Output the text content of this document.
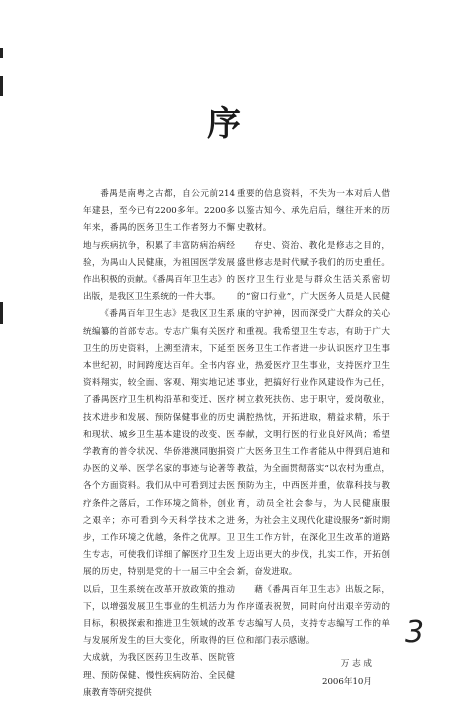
序

番禺是南粤之古都，自公元前214年建县，至今已有2200多年。2200多年来，番禺的医务卫生工作者努力不懈地与疾病抗争，积累了丰富防病治病经验，为禺山人民健康，为祖国医学发展作出积极的贡献。《番禺百年卫生志》的出版，是我区卫生系统的一件大事。

《番禺百年卫生志》是我区卫生系统编纂的首部专志。专志广集有关医疗卫生的历史资料，上溯至清末，下延至本世纪初，时间跨度达百年。全书内容资料翔实，较全面、客观、翔实地记述了番禺医疗卫生机构沿革和变迁、医疗技术进步和发展、预防保健事业的历史和现状、城乡卫生基本建设的改变、医学教育的普令状况、华侨港澳同胞捐资办医的义举、医学名家的事迹与论著等各个方面资料。我们从中可看到过去医疗条件之落后，工作环境之简朴，创业之艰辛；亦可看到今天科学技术之进步，工作环境之优越，条件之优厚。卫生专志，可使我们详细了解医疗卫生发展的历史，特别是党的十一届三中全会以后，卫生系统在改革开放政策的推动下，以增强发展卫生事业的生机活力为目标，积极探索和推进卫生领域的改革与发展所发生的巨大变化，所取得的巨大成就，为我区医药卫生改革、医院管理、预防保健、慢性疾病防治、全民健康教育等研究提供

重要的信息资料，不失为一本对后人借以鉴古知今、承先启后，继往开来的历史教材。

存史、资治、教化是修志之目的，盛世修志是时代赋予我们的历史重任。医疗卫生行业是与群众生活关系密切的“窗口行业”，广大医务人员是人民健康的守护神，因而深受广大群众的关心和重视。我希望卫生专志，有助于广大医务卫生工作者进一步认识医疗卫生事业，热爱医疗卫生事业，支持医疗卫生事业，把搞好行业作风建设作为己任，树立救死扶伤、忠于职守，爱岗敬业，满腔热忱，开拓进取，精益求精，乐于奉献，文明行医的行业良好风尚；希望广大医务卫生工作者能从中得到启迪和教益，为全面贯彻落实“以农村为重点，预防为主，中西医并重，依靠科技与教育，动员全社会参与，为人民健康服务，为社会主义现代化建设服务”新时期卫生工作方针，在深化卫生改革的道路上迈出更大的步伐，扎实工作，开拓创新，奋发进取。

藉《番禺百年卫生志》出版之际，作序谨表祝贺，同时向付出艰辛劳动的专志编写人员，支持专志编写工作的单位和部门表示感谢。

万 志 成
2006年10月
3
